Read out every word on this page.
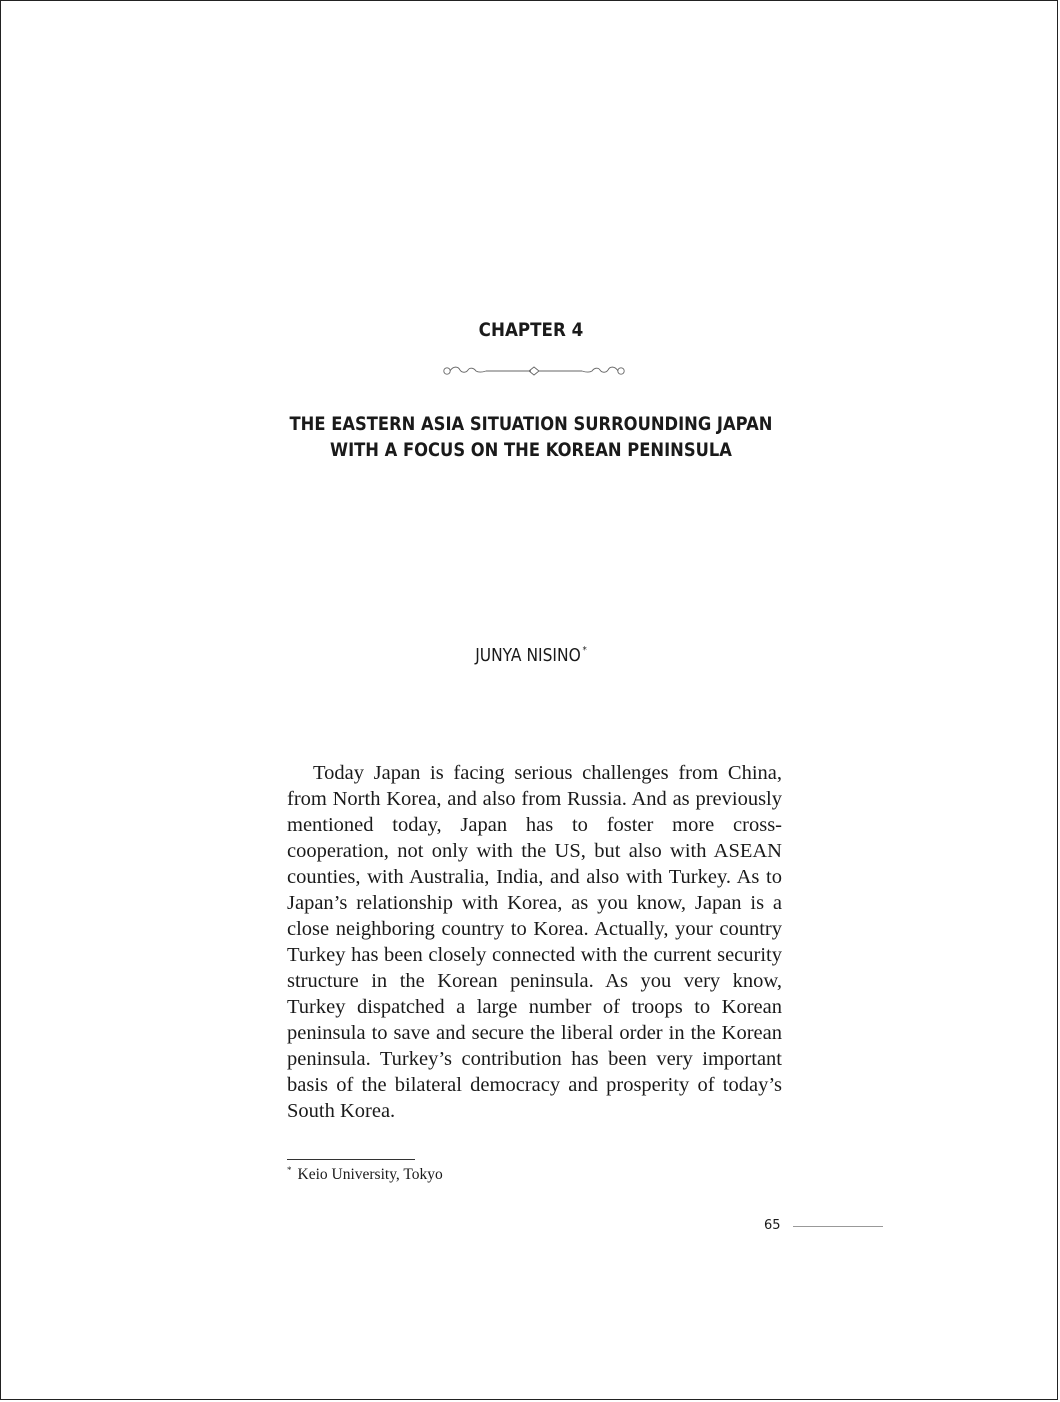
CHAPTER 4
THE EASTERN ASIA SITUATION SURROUNDING JAPAN
WITH A FOCUS ON THE KOREAN PENINSULA
JUNYA NISINO *

Today Japan is facing serious challenges from China, from North Korea, and also from Russia. And as previously mentioned today, Japan has to foster more cross-cooperation, not only with the US, but also with ASEAN counties, with Australia, India, and also with Turkey. As to Japan’s relationship with Korea, as you know, Japan is a close neighboring country to Korea. Actually, your country Turkey has been closely connected with the current security structure in the Korean peninsula. As you very know, Turkey dispatched a large number of troops to Korean peninsula to save and secure the liberal order in the Korean peninsula. Turkey’s contribution has been very important basis of the bilateral democracy and prosperity of today’s South Korea.

* Keio University, Tokyo
65
